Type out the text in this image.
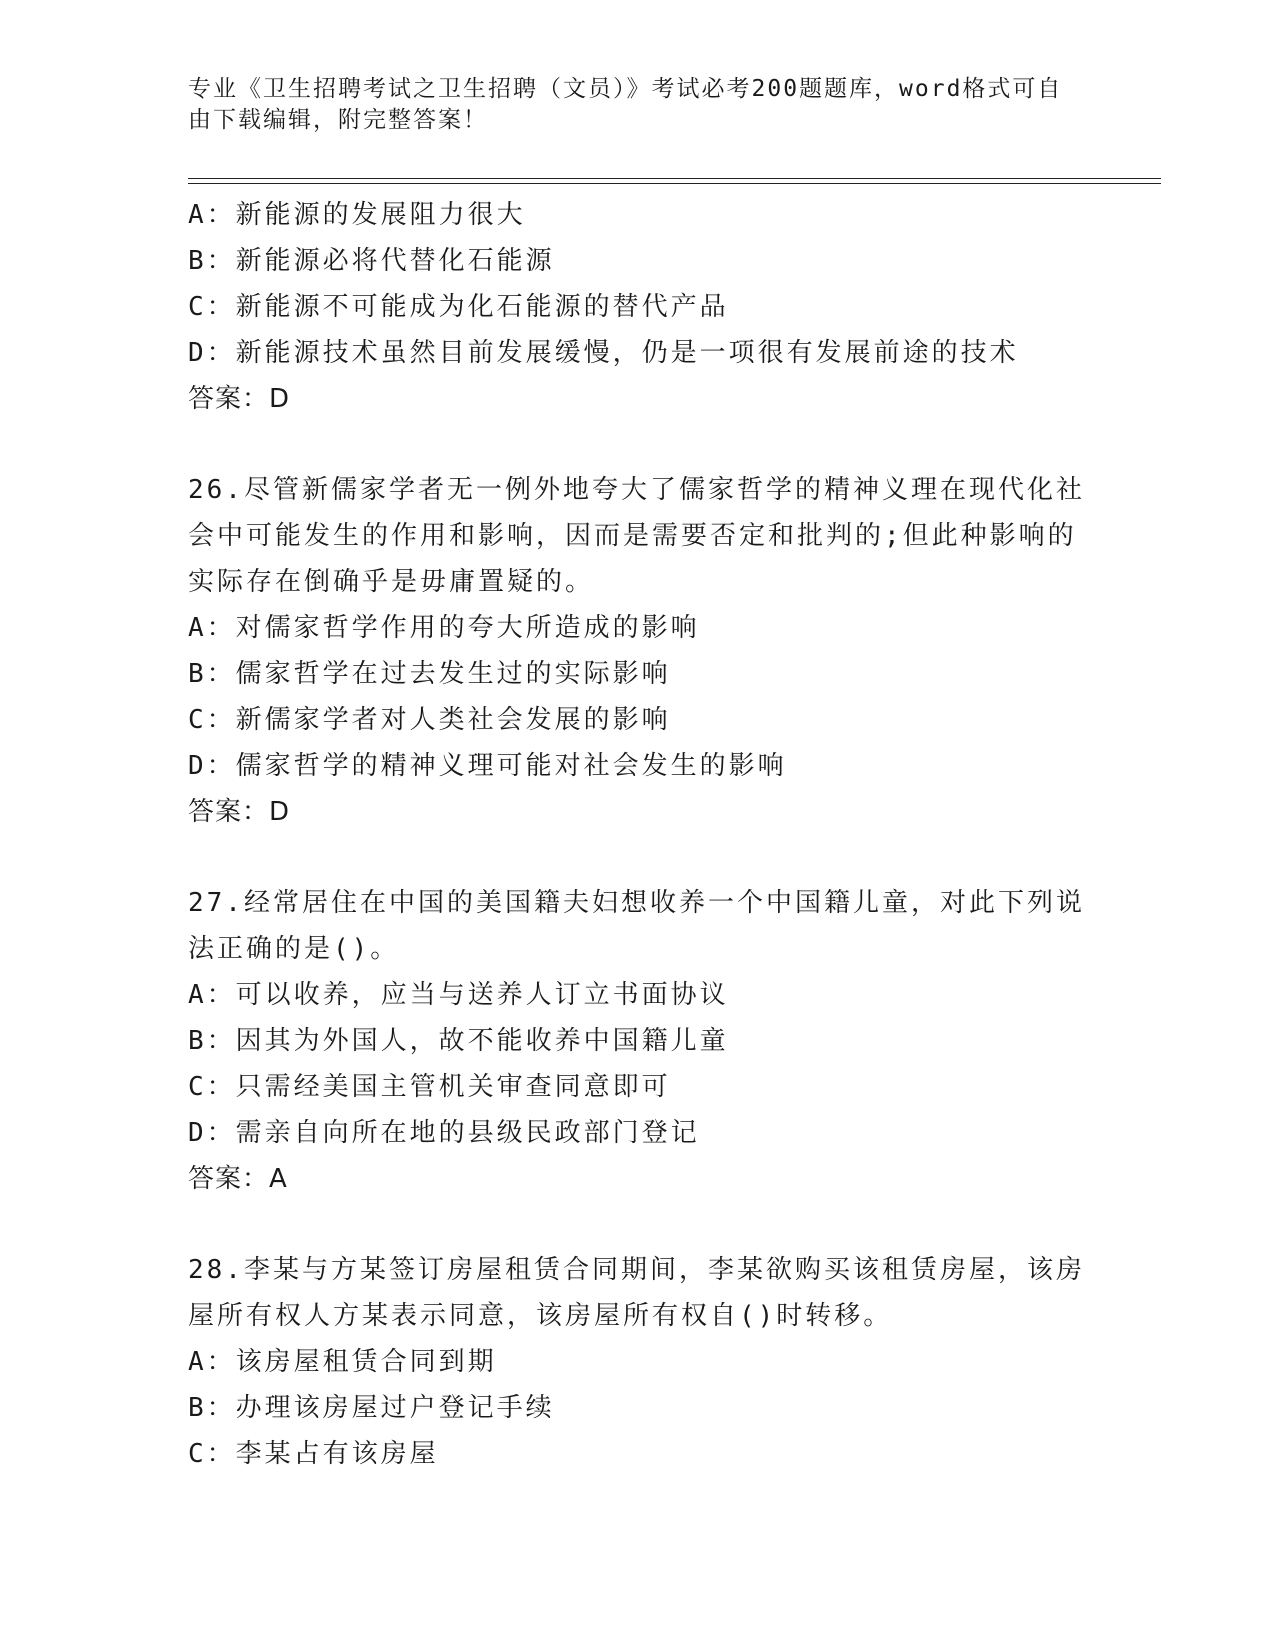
专业《卫生招聘考试之卫生招聘（文员）》考试必考200题题库，word格式可自
由下载编辑，附完整答案！
A：新能源的发展阻力很大
B：新能源必将代替化石能源
C：新能源不可能成为化石能源的替代产品
D：新能源技术虽然目前发展缓慢，仍是一项很有发展前途的技术
答案：D
26.尽管新儒家学者无一例外地夸大了儒家哲学的精神义理在现代化社
会中可能发生的作用和影响，因而是需要否定和批判的;但此种影响的
实际存在倒确乎是毋庸置疑的。
A：对儒家哲学作用的夸大所造成的影响
B：儒家哲学在过去发生过的实际影响
C：新儒家学者对人类社会发展的影响
D：儒家哲学的精神义理可能对社会发生的影响
答案：D
27.经常居住在中国的美国籍夫妇想收养一个中国籍儿童，对此下列说
法正确的是()。
A：可以收养，应当与送养人订立书面协议
B：因其为外国人，故不能收养中国籍儿童
C：只需经美国主管机关审查同意即可
D：需亲自向所在地的县级民政部门登记
答案：A
28.李某与方某签订房屋租赁合同期间，李某欲购买该租赁房屋，该房
屋所有权人方某表示同意，该房屋所有权自()时转移。
A：该房屋租赁合同到期
B：办理该房屋过户登记手续
C：李某占有该房屋
